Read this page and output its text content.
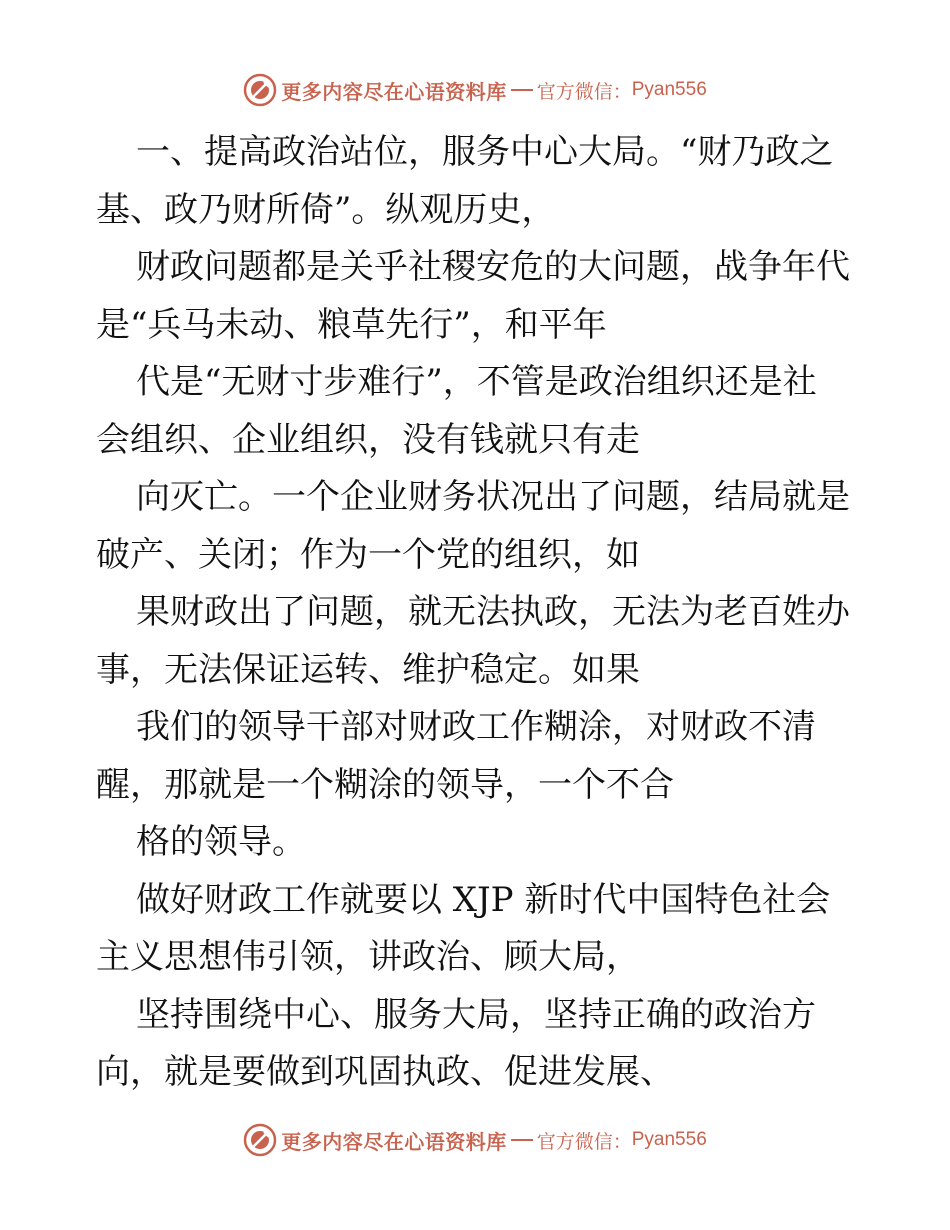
更多内容尽在心语资料库 官方微信： Pyan556
一、提高政治站位，服务中心大局。“财乃政之
基、政乃财所倚”。纵观历史，
财政问题都是关乎社稷安危的大问题，战争年代
是“兵马未动、粮草先行”，和平年
代是“无财寸步难行”，不管是政治组织还是社
会组织、企业组织，没有钱就只有走
向灭亡。一个企业财务状况出了问题，结局就是
破产、关闭；作为一个党的组织，如
果财政出了问题，就无法执政，无法为老百姓办
事，无法保证运转、维护稳定。如果
我们的领导干部对财政工作糊涂，对财政不清
醒，那就是一个糊涂的领导，一个不合
格的领导。
做好财政工作就要以 XJP 新时代中国特色社会
主义思想伟引领，讲政治、顾大局，
坚持围绕中心、服务大局，坚持正确的政治方
向，就是要做到巩固执政、促进发展、
更多内容尽在心语资料库 官方微信： Pyan556
